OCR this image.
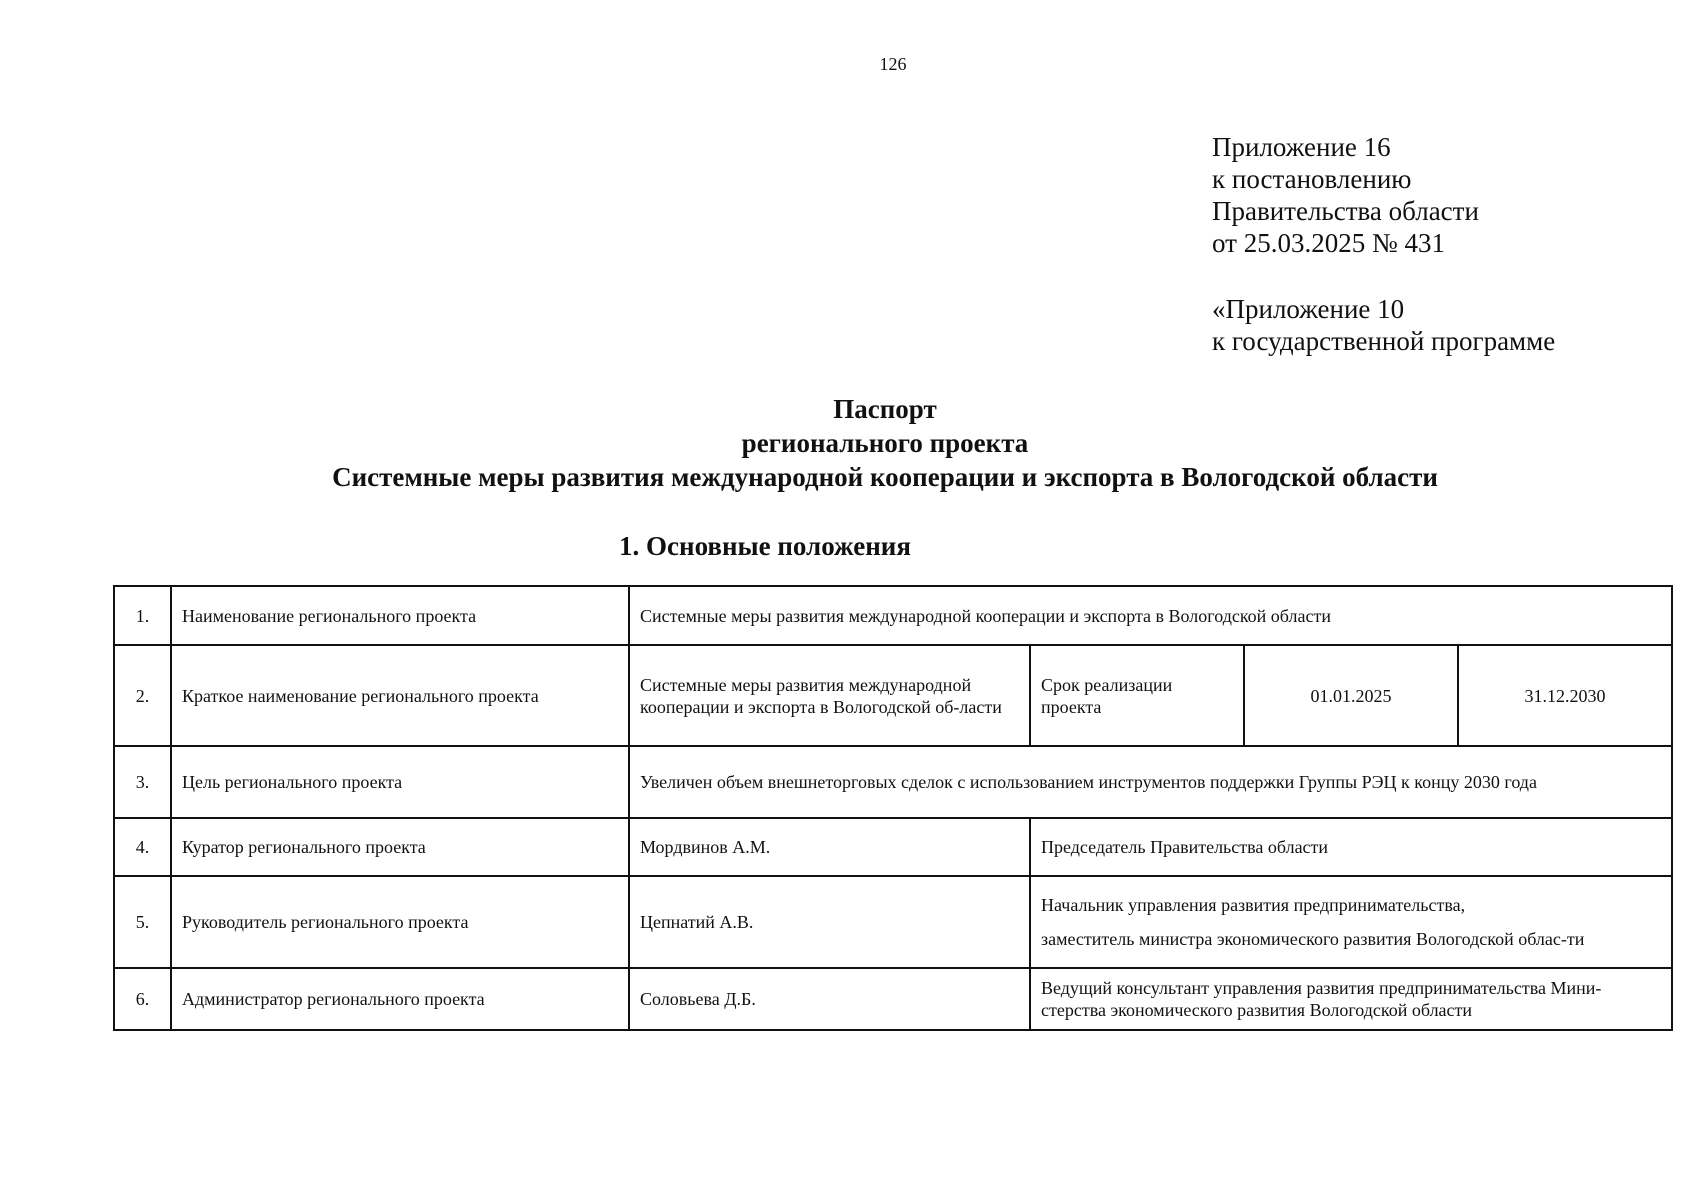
126
Приложение 16
к постановлению
Правительства области
от 25.03.2025 № 431
«Приложение 10
к государственной программе
Паспорт
регионального проекта
Системные меры развития международной кооперации и экспорта в Вологодской области
1. Основные положения
1.	Наименование регионального проекта	Системные меры развития международной кооперации и экспорта в Вологодской области			
2.	Краткое наименование регионального проекта	Системные меры развития международной кооперации и экспорта в Вологодской об-ласти	Срок реализации проекта	01.01.2025	31.12.2030
3.	Цель регионального проекта	Увеличен объем внешнеторговых сделок с использованием инструментов поддержки Группы РЭЦ к концу 2030 года			
4.	Куратор регионального проекта	Мордвинов А.М.	Председатель Правительства области		
5.	Руководитель регионального проекта	Цепнатий А.В.	Начальник управления развития предпринимательства,

заместитель министра экономического развития Вологодской облас-ти		

6.	Администратор регионального проекта	Соловьева Д.Б.	Ведущий консультант управления развития предпринимательства Мини-стерства экономического развития Вологодской области		
